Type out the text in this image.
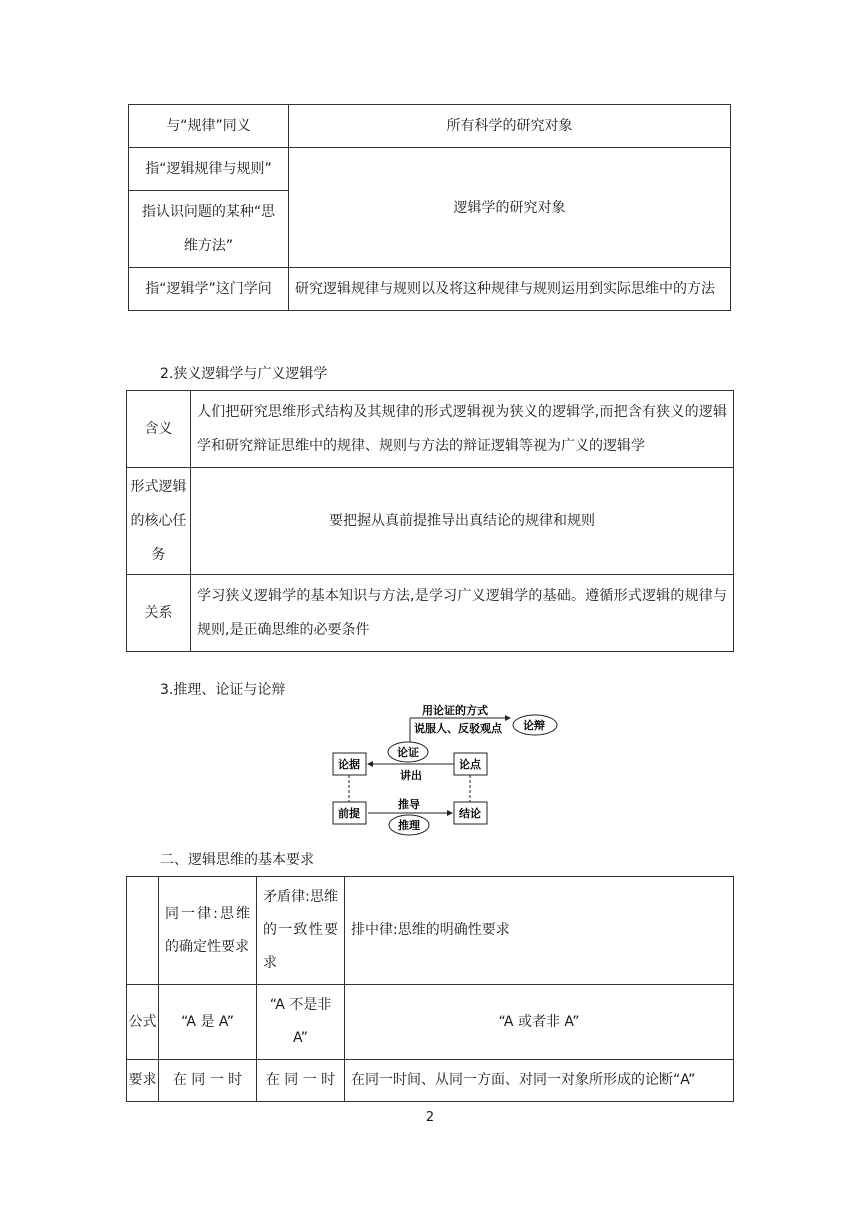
与“规律”同义	所有科学的研究对象
指“逻辑规律与规则”	逻辑学的研究对象
指认识问题的某种“思维方法”	
指“逻辑学”这门学问	研究逻辑规律与规则以及将这种规律与规则运用到实际思维中的方法
2.狭义逻辑学与广义逻辑学
含义	人们把研究思维形式结构及其规律的形式逻辑视为狭义的逻辑学,而把含有狭义的逻辑学和研究辩证思维中的规律、规则与方法的辩证逻辑等视为广义的逻辑学
形式逻辑的核心任务	要把握从真前提推导出真结论的规律和规则
关系	学习狭义逻辑学的基本知识与方法,是学习广义逻辑学的基础。遵循形式逻辑的规律与规则,是正确思维的必要条件
3.推理、论证与论辩
用论证的方式
说服人、反驳观点 论辩
论证
论据	论点
讲出
前提	结论
推导
推理
二、逻辑思维的基本要求
	同一律:思维的确定性要求	矛盾律:思维的一致性要求	排中律:思维的明确性要求
公式	“A 是 A”	“A 不是非 A”	“A 或者非 A”
要求	在 同 一 时	在 同 一 时	在同一时间、从同一方面、对同一对象所形成的论断“A”
2
